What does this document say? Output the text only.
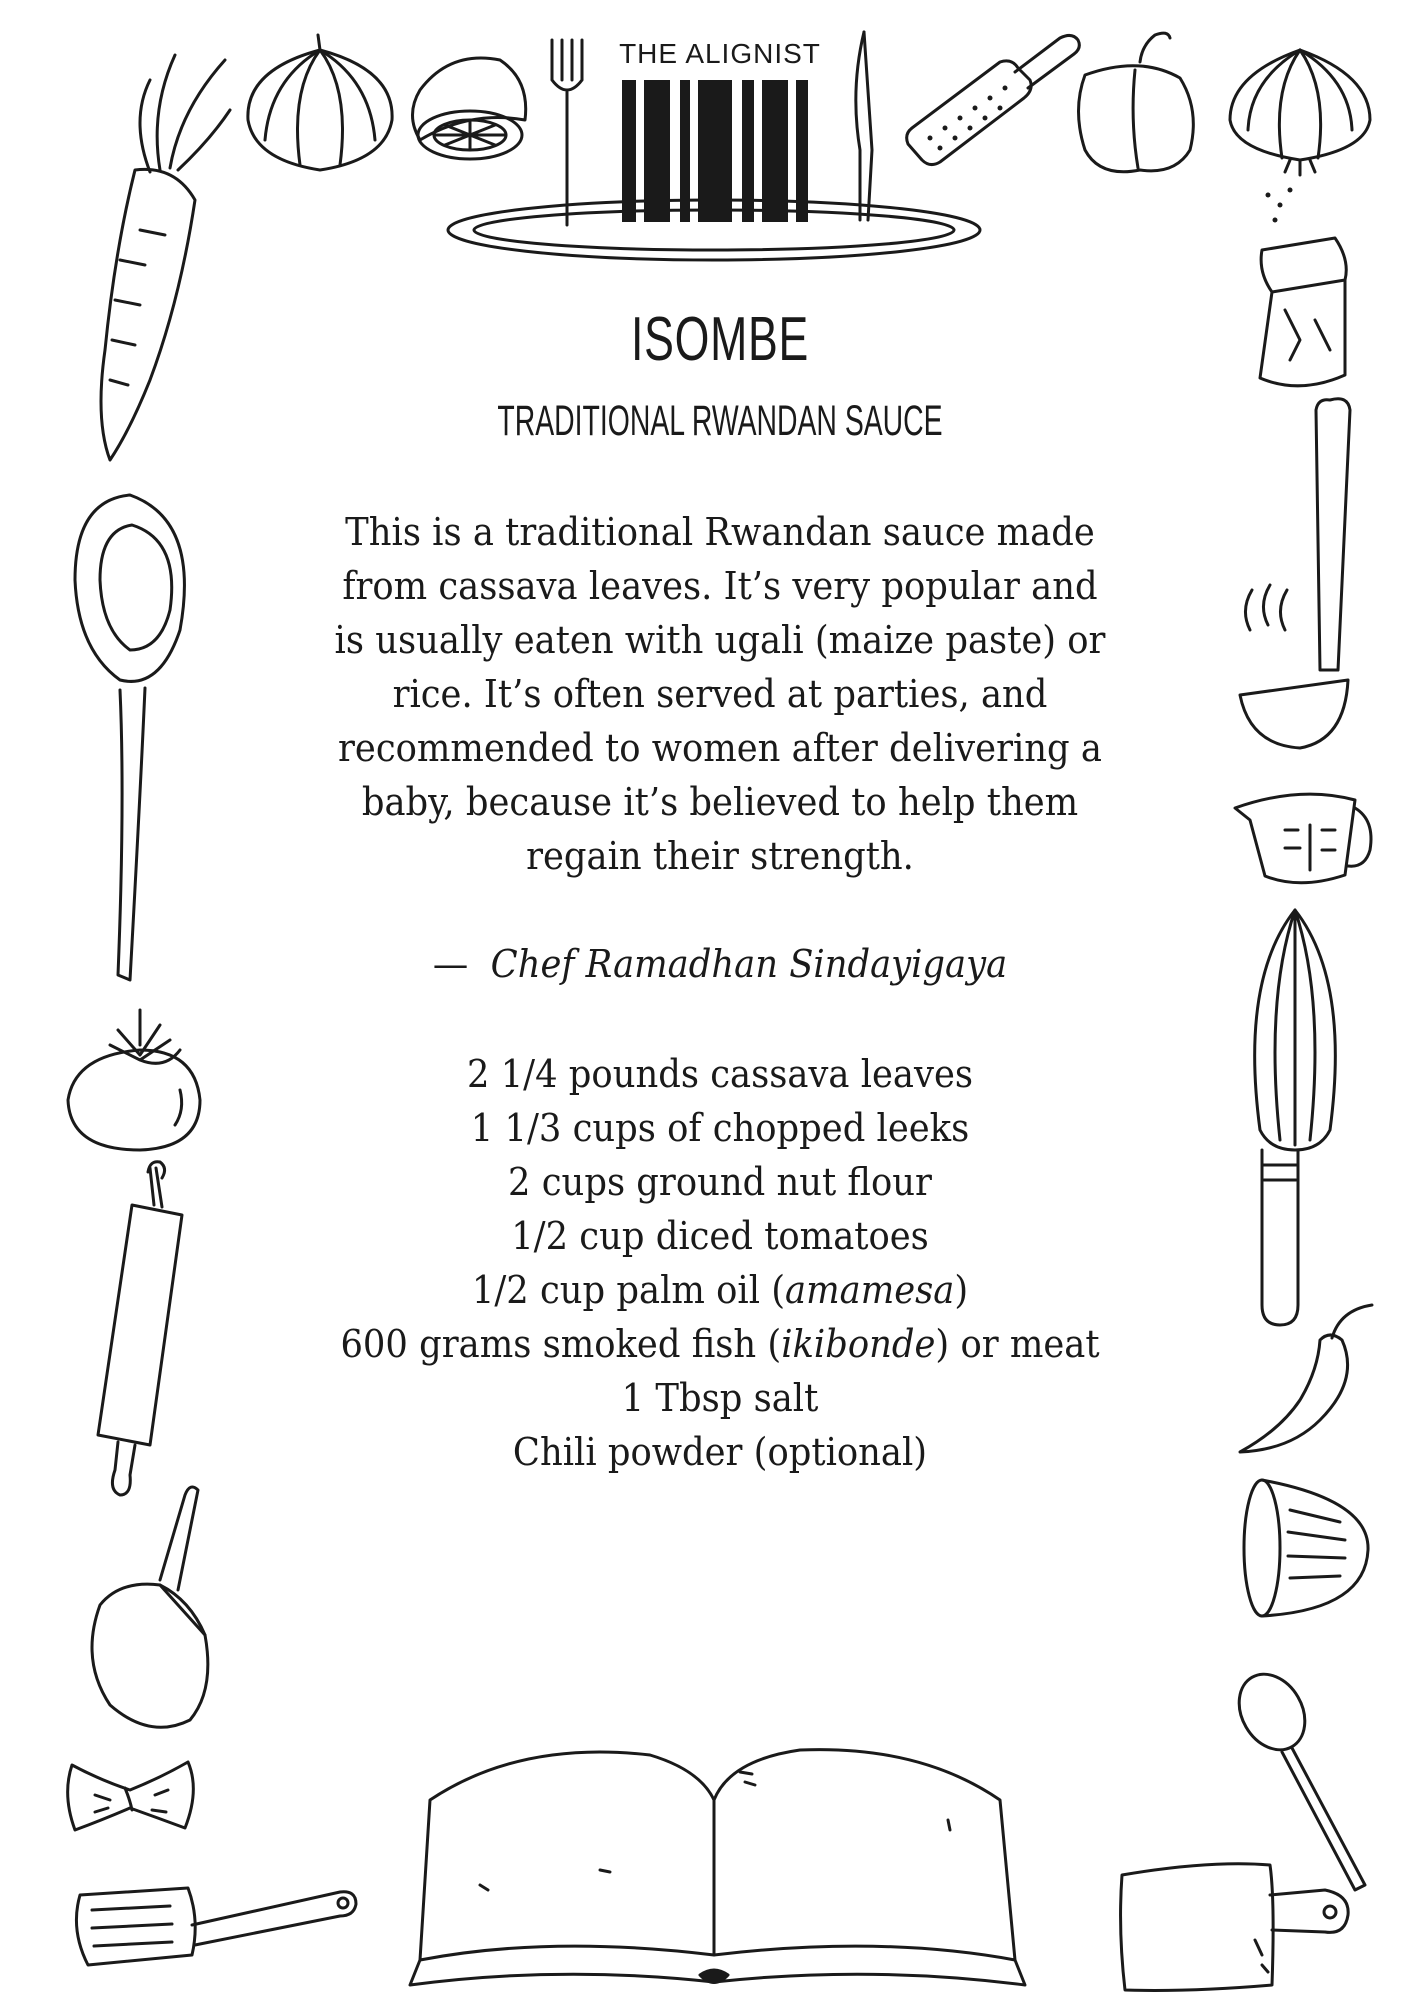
THE ALIGNIST
ISOMBE
TRADITIONAL RWANDAN SAUCE
This is a traditional Rwandan sauce made from cassava leaves. It’s very popular and is usually eaten with ugali (maize paste) or rice. It’s often served at parties, and recommended to women after delivering a baby, because it’s believed to help them regain their strength.
— Chef Ramadhan Sindayigaya
2 1/4 pounds cassava leaves
1 1/3 cups of chopped leeks
2 cups ground nut flour
1/2 cup diced tomatoes
1/2 cup palm oil (amamesa)
600 grams smoked fish (ikibonde) or meat
1 Tbsp salt
Chili powder (optional)
